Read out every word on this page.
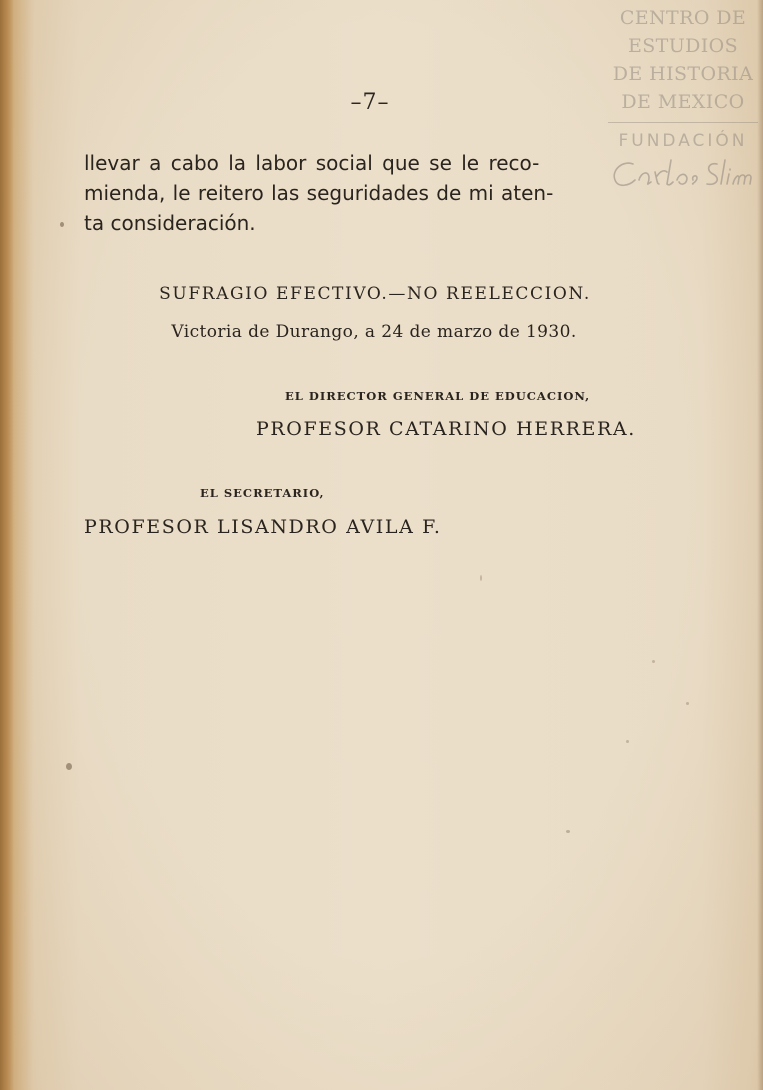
–7–
llevar a cabo la labor social que se le reco-
mienda, le reitero las seguridades de mi aten-
ta consideración.
SUFRAGIO EFECTIVO.—NO REELECCION.
Victoria de Durango, a 24 de marzo de 1930.
EL DIRECTOR GENERAL DE EDUCACION,
PROFESOR CATARINO HERRERA.
EL SECRETARIO,
PROFESOR LISANDRO AVILA F.
CENTRO DE
ESTUDIOS
DE HISTORIA
DE MEXICO
FUNDACIÓN
